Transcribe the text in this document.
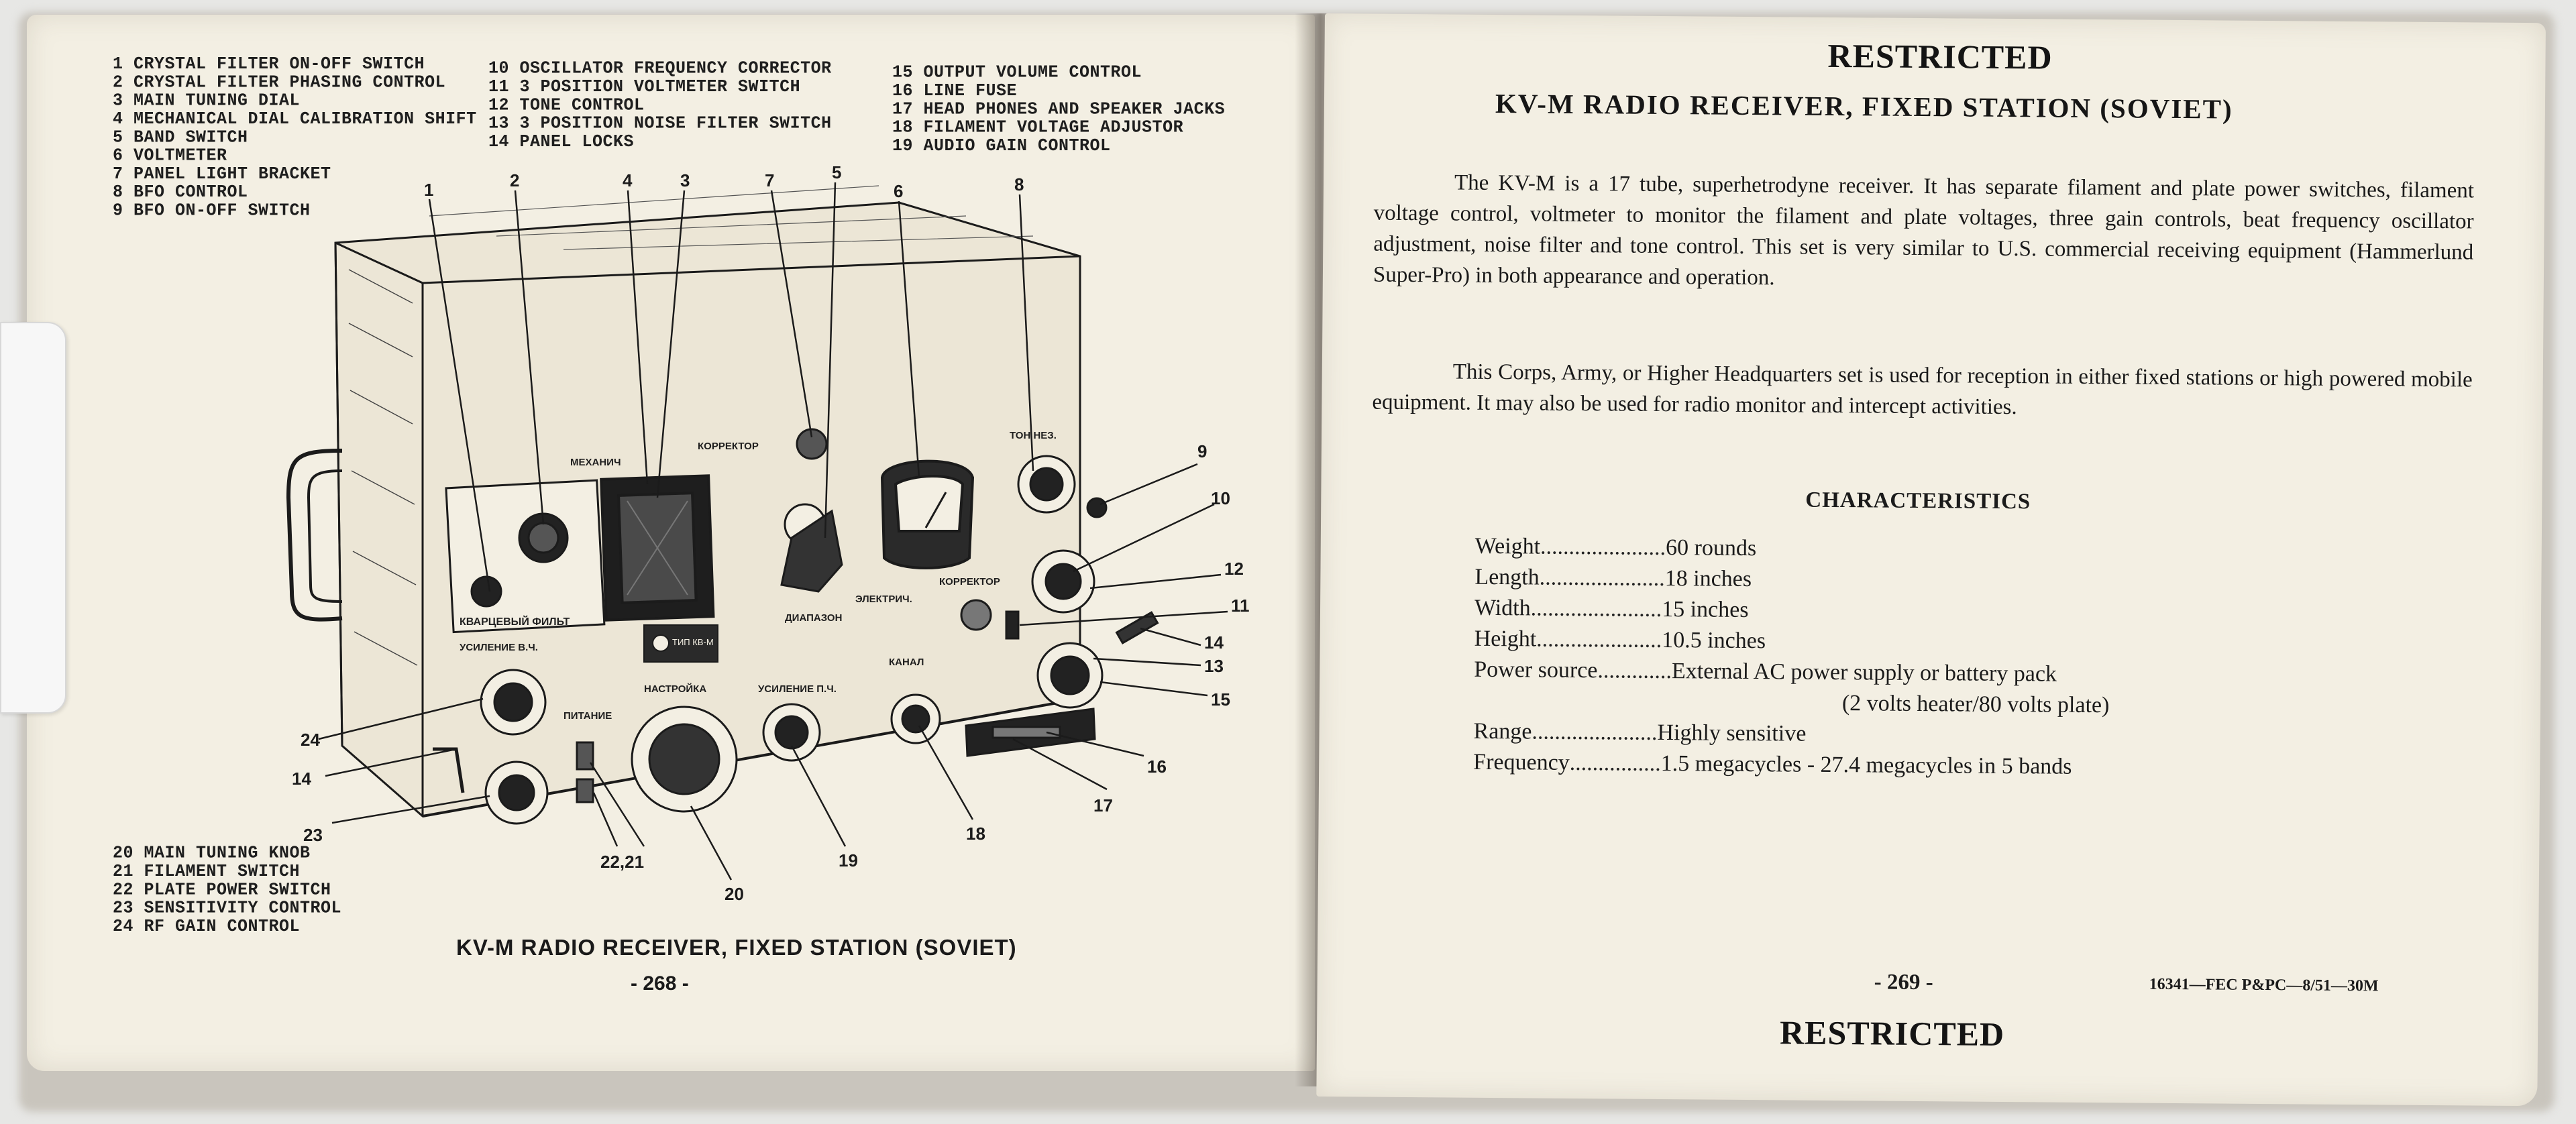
1 CRYSTAL FILTER ON-OFF SWITCH
2 CRYSTAL FILTER PHASING CONTROL
3 MAIN TUNING DIAL
4 MECHANICAL DIAL CALIBRATION SHIFT
5 BAND SWITCH
6 VOLTMETER
7 PANEL LIGHT BRACKET
8 BFO CONTROL
9 BFO ON-OFF SWITCH
10 OSCILLATOR FREQUENCY CORRECTOR
11 3 POSITION VOLTMETER SWITCH
12 TONE CONTROL
13 3 POSITION NOISE FILTER SWITCH
14 PANEL LOCKS
15 OUTPUT VOLUME CONTROL
16 LINE FUSE
17 HEAD PHONES AND SPEAKER JACKS
18 FILAMENT VOLTAGE ADJUSTOR
19 AUDIO GAIN CONTROL
20 MAIN TUNING KNOB
21 FILAMENT SWITCH
22 PLATE POWER SWITCH
23 SENSITIVITY CONTROL
24 RF GAIN CONTROL
КВАРЦЕВЫЙ ФИЛЬТ
ТИП КВ-М
МЕХАНИЧ
КОРРЕКТОР
ТОН НЕЗ.
ДИАПАЗОН
ЭЛЕКТРИЧ.
КОРРЕКТОР
УСИЛЕНИЕ В.Ч.
НАСТРОЙКА
ПИТАНИЕ
УСИЛЕНИЕ П.Ч.
КАНАЛ
1	2	4	3	7	5
6	8
9
10
12
11
14
13
15
16
17
18
19
20
22,21
24
14
23
KV-M RADIO RECEIVER, FIXED STATION (SOVIET)
- 268 -
RESTRICTED
KV-M RADIO RECEIVER, FIXED STATION (SOVIET)
The KV-M is a 17 tube, superhetrodyne receiver. It has separate filament and plate power switches, filament voltage control, voltmeter to monitor the filament and plate voltages, three gain controls, beat frequency oscillator adjustment, noise filter and tone control. This set is very similar to U.S. commercial receiving equipment (Hammerlund Super-Pro) in both appearance and operation.
This Corps, Army, or Higher Headquarters set is used for reception in either fixed stations or high powered mobile equipment. It may also be used for radio monitor and intercept activities.
CHARACTERISTICS
Weight ...................... 60 rounds
Length ...................... 18 inches
Width ....................... 15 inches
Height ...................... 10.5 inches
Power source ............. External AC power supply or battery pack
(2 volts heater/80 volts plate)
Range ...................... Highly sensitive
Frequency ................ 1.5 megacycles - 27.4 megacycles in 5 bands
- 269 -	16341—FEC P&PC—8/51—30M
RESTRICTED
